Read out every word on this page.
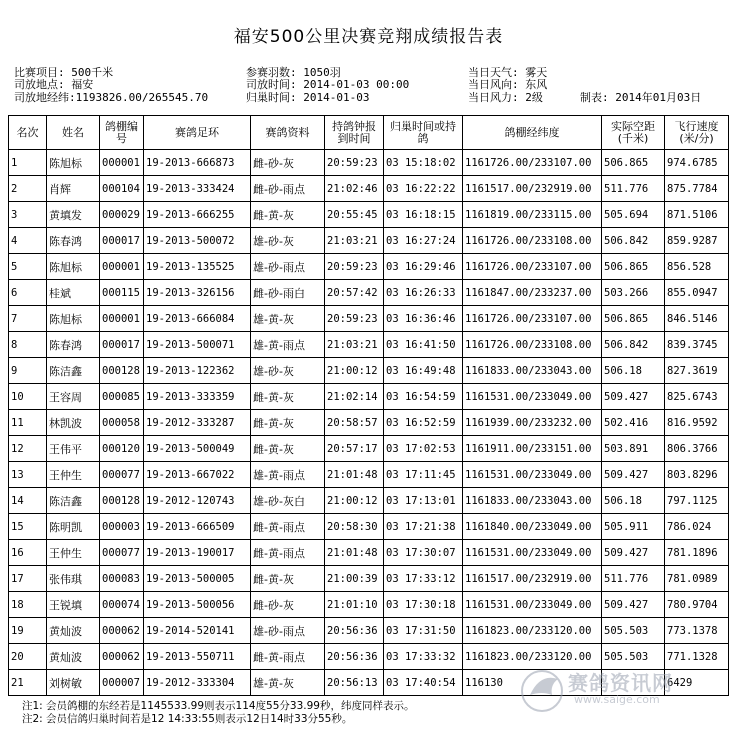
福安500公里决赛竞翔成绩报告表
比赛项目: 500千米
司放地点: 福安
司放地经纬:1193826.00/265545.70
参赛羽数: 1050羽
司放时间: 2014-01-03 00:00
归巢时间: 2014-01-03
当日天气: 雾天
当日风向: 东风
当日风力: 2级	制表: 2014年01月03日
名次	姓名	鸽棚编号	赛鸽足环	赛鸽资料	持鸽钟报到时间	归巢时间或持鸽	鸽棚经纬度	实际空距(千米)	飞行速度(米/分)
1	陈旭标	000001	19-2013-666873	雌-砂-灰	20:59:23	03 15:18:02	1161726.00/233107.00	506.865	974.6785
2	肖辉	000104	19-2013-333424	雌-砂-雨点	21:02:46	03 16:22:22	1161517.00/232919.00	511.776	875.7784
3	黄填发	000029	19-2013-666255	雌-黄-灰	20:55:45	03 16:18:15	1161819.00/233115.00	505.694	871.5106
4	陈春鸿	000017	19-2013-500072	雄-砂-灰	21:03:21	03 16:27:24	1161726.00/233108.00	506.842	859.9287
5	陈旭标	000001	19-2013-135525	雄-砂-雨点	20:59:23	03 16:29:46	1161726.00/233107.00	506.865	856.528
6	桂斌	000115	19-2013-326156	雌-砂-雨白	20:57:42	03 16:26:33	1161847.00/233237.00	503.266	855.0947
7	陈旭标	000001	19-2013-666084	雄-黄-灰	20:59:23	03 16:36:46	1161726.00/233107.00	506.865	846.5146
8	陈春鸿	000017	19-2013-500071	雄-黄-雨点	21:03:21	03 16:41:50	1161726.00/233108.00	506.842	839.3745
9	陈洁鑫	000128	19-2013-122362	雄-砂-灰	21:00:12	03 16:49:48	1161833.00/233043.00	506.18	827.3619
10	王容周	000085	19-2013-333359	雌-黄-灰	21:02:14	03 16:54:59	1161531.00/233049.00	509.427	825.6743
11	林凯波	000058	19-2012-333287	雌-黄-灰	20:58:57	03 16:52:59	1161939.00/233232.00	502.416	816.9592
12	王伟平	000120	19-2013-500049	雌-黄-灰	20:57:17	03 17:02:53	1161911.00/233151.00	503.891	806.3766
13	王仲生	000077	19-2013-667022	雄-黄-雨点	21:01:48	03 17:11:45	1161531.00/233049.00	509.427	803.8296
14	陈洁鑫	000128	19-2012-120743	雄-砂-灰白	21:00:12	03 17:13:01	1161833.00/233043.00	506.18	797.1125
15	陈明凯	000003	19-2013-666509	雌-黄-雨点	20:58:30	03 17:21:38	1161840.00/233049.00	505.911	786.024
16	王仲生	000077	19-2013-190017	雌-黄-雨点	21:01:48	03 17:30:07	1161531.00/233049.00	509.427	781.1896
17	张伟琪	000083	19-2013-500005	雌-黄-灰	21:00:39	03 17:33:12	1161517.00/232919.00	511.776	781.0989
18	王锐填	000074	19-2013-500056	雌-砂-灰	21:01:10	03 17:30:18	1161531.00/233049.00	509.427	780.9704
19	黄灿波	000062	19-2014-520141	雄-砂-雨点	20:56:36	03 17:31:50	1161823.00/233120.00	505.503	773.1378
20	黄灿波	000062	19-2013-550711	雌-黄-雨点	20:56:36	03 17:33:32	1161823.00/233120.00	505.503	771.1328
21	刘树敏	000007	19-2012-333304	雄-黄-灰	20:56:13	03 17:40:54	116130		6429
赛鸽资讯网
www.saige.com
注1: 会员鸽棚的东经若是1145533.99则表示114度55分33.99秒，纬度同样表示。
注2: 会员信鸽归巢时间若是12 14:33:55则表示12日14时33分55秒。
